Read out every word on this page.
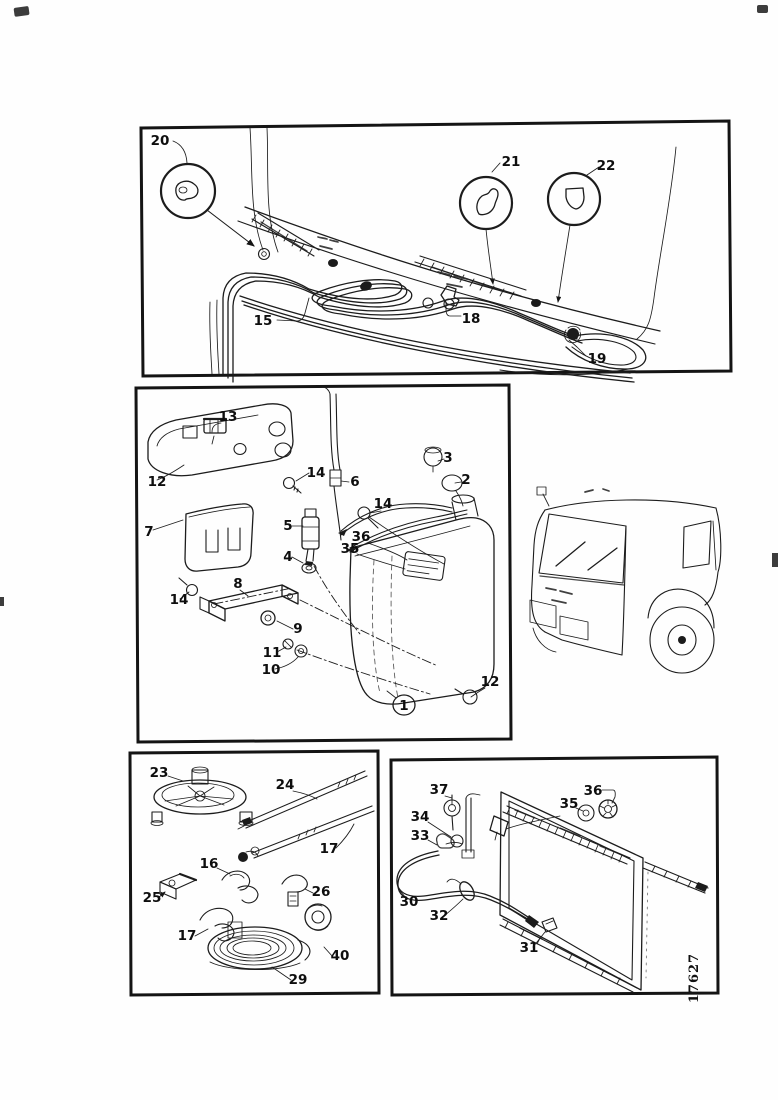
20
21	22
15	18
19
13
12
14
6
7	5
4
8
14
9
11
10
36
35
14
3
2
1
12
23
24
17
16
25	26
17
29
40
37
34
33
35
36
30
32
31
17627
